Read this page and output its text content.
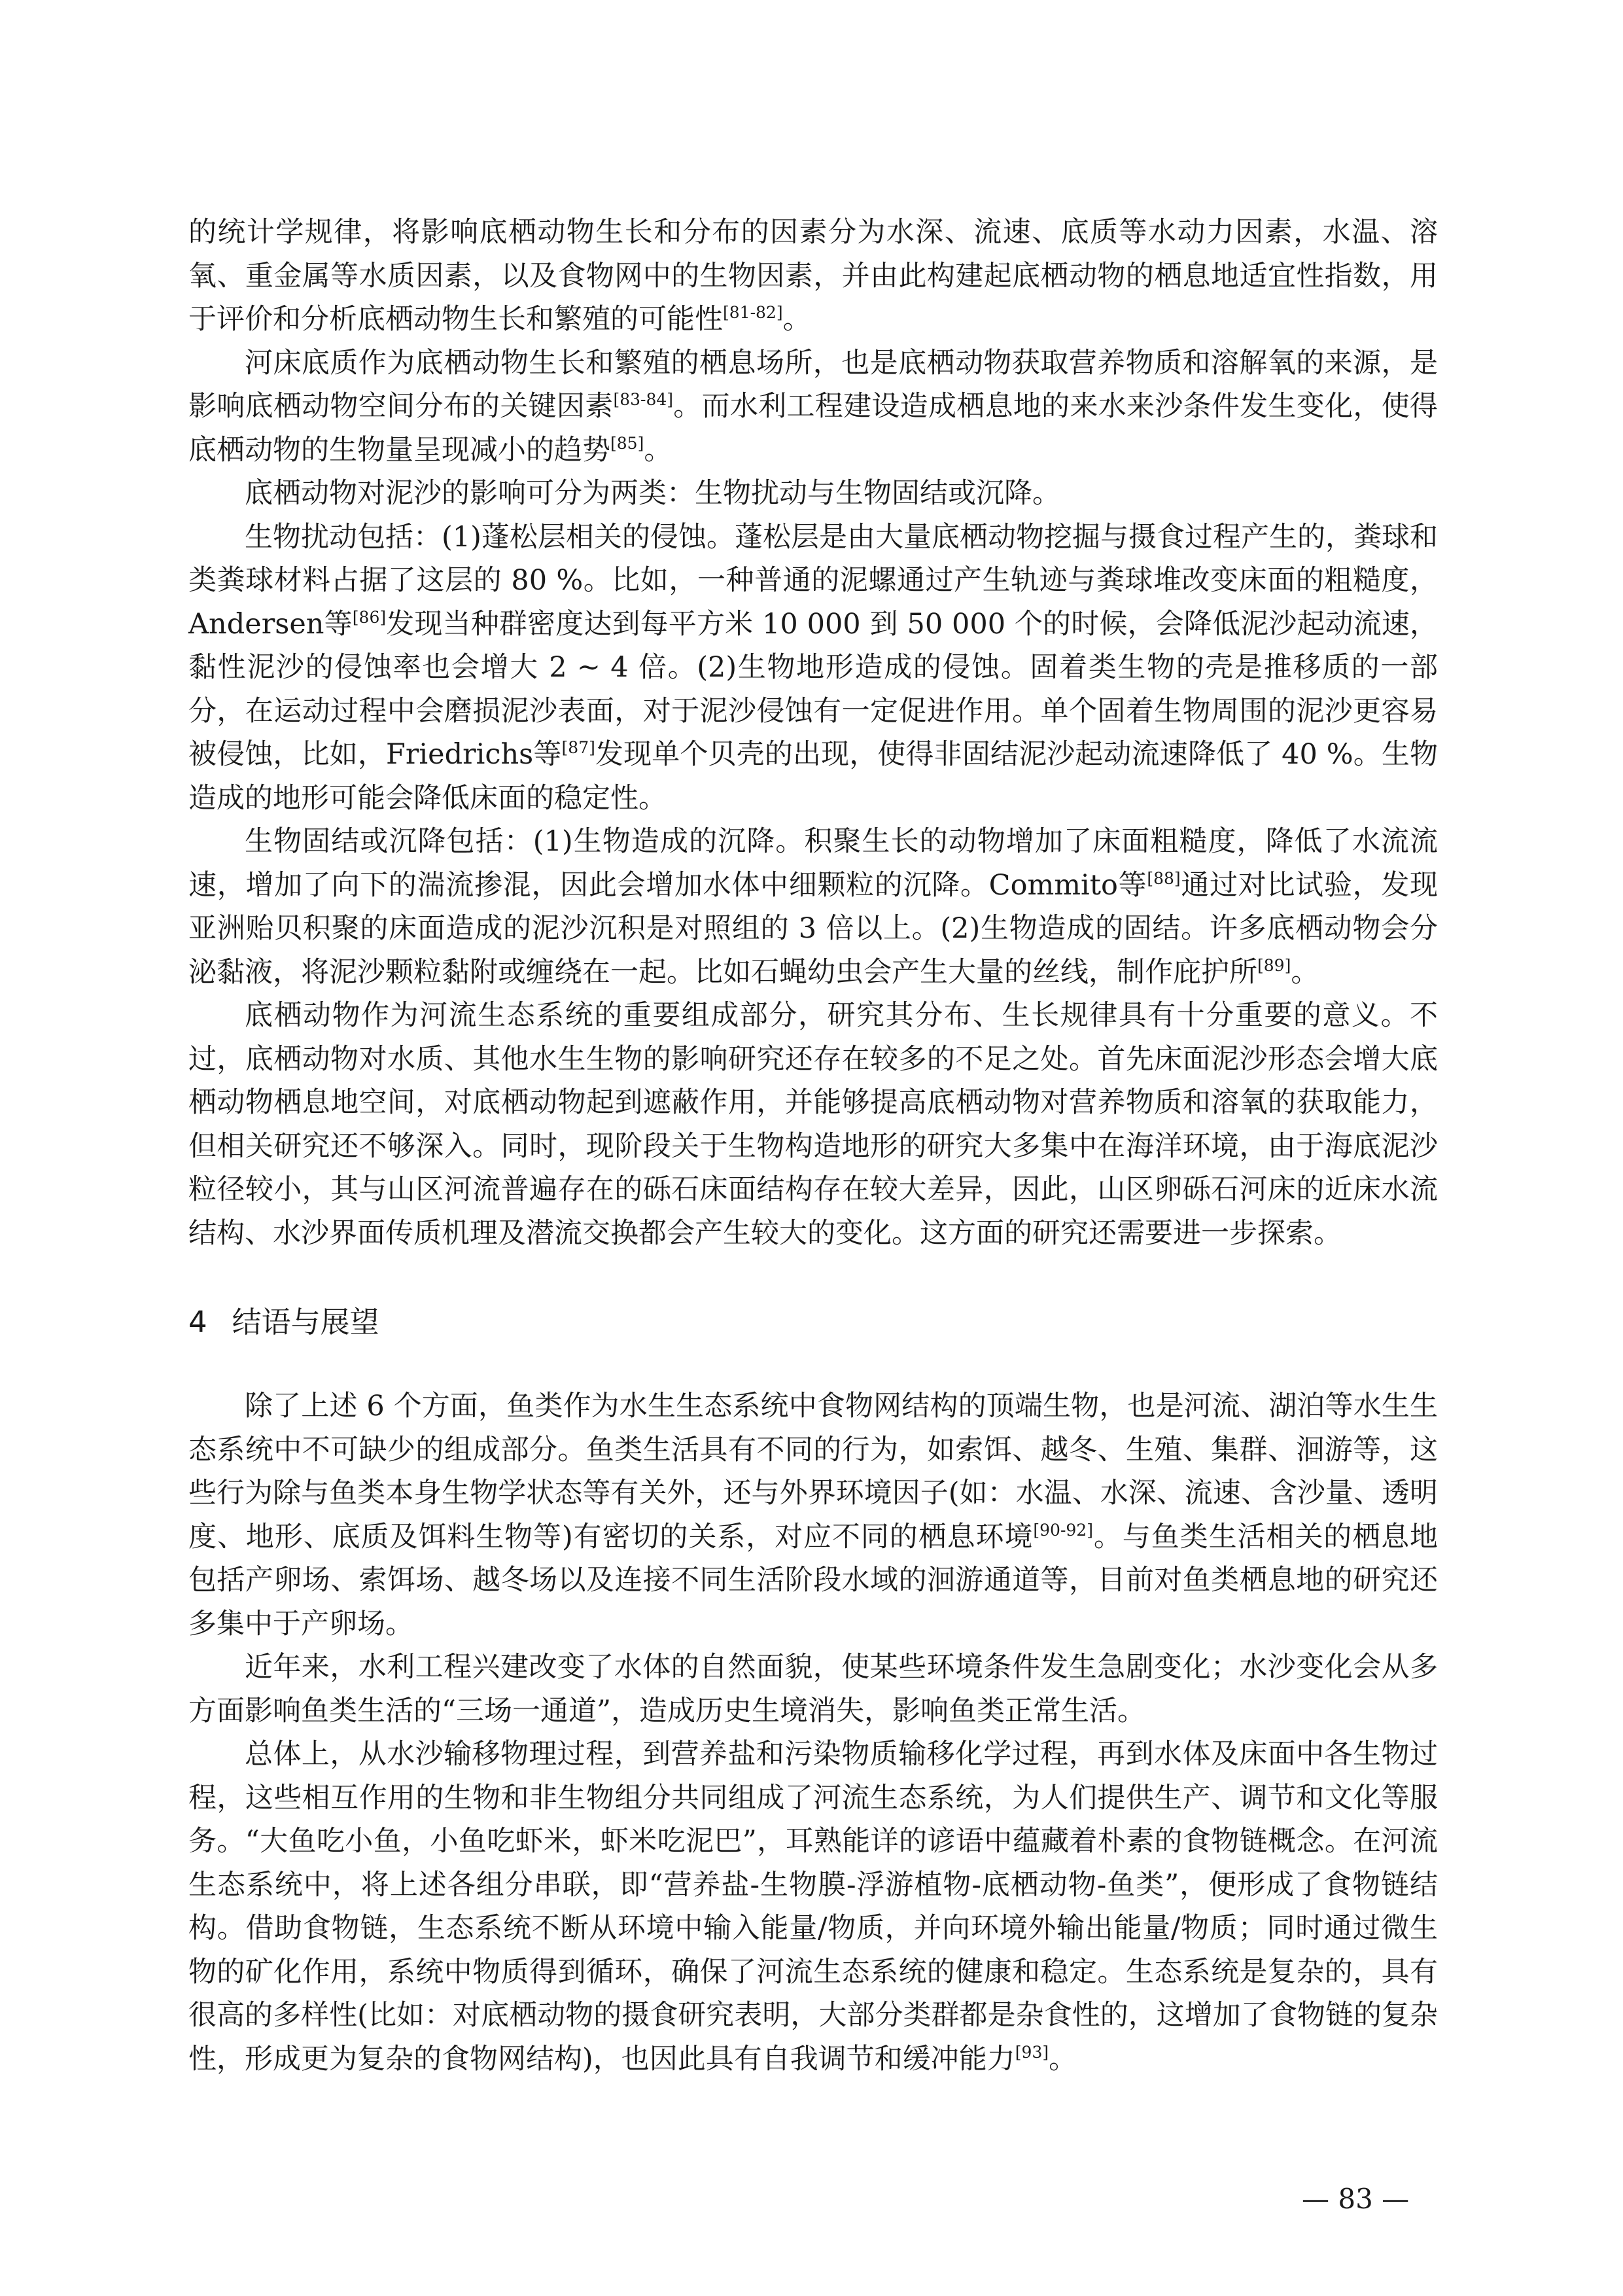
的统计学规律，将影响底栖动物生长和分布的因素分为水深、流速、底质等水动力因素，水温、溶氧、重金属等水质因素，以及食物网中的生物因素，并由此构建起底栖动物的栖息地适宜性指数，用于评价和分析底栖动物生长和繁殖的可能性[81-82]。

河床底质作为底栖动物生长和繁殖的栖息场所，也是底栖动物获取营养物质和溶解氧的来源，是影响底栖动物空间分布的关键因素[83-84]。而水利工程建设造成栖息地的来水来沙条件发生变化，使得底栖动物的生物量呈现减小的趋势[85]。

底栖动物对泥沙的影响可分为两类：生物扰动与生物固结或沉降。

生物扰动包括：(1)蓬松层相关的侵蚀。蓬松层是由大量底栖动物挖掘与摄食过程产生的，粪球和类粪球材料占据了这层的 80 %。比如，一种普通的泥螺通过产生轨迹与粪球堆改变床面的粗糙度，Andersen等[86]发现当种群密度达到每平方米 10 000 到 50 000 个的时候，会降低泥沙起动流速，黏性泥沙的侵蚀率也会增大 2 ~ 4 倍。(2)生物地形造成的侵蚀。固着类生物的壳是推移质的一部分，在运动过程中会磨损泥沙表面，对于泥沙侵蚀有一定促进作用。单个固着生物周围的泥沙更容易被侵蚀，比如，Friedrichs等[87]发现单个贝壳的出现，使得非固结泥沙起动流速降低了 40 %。生物造成的地形可能会降低床面的稳定性。

生物固结或沉降包括：(1)生物造成的沉降。积聚生长的动物增加了床面粗糙度，降低了水流流速，增加了向下的湍流掺混，因此会增加水体中细颗粒的沉降。Commito等[88]通过对比试验，发现亚洲贻贝积聚的床面造成的泥沙沉积是对照组的 3 倍以上。(2)生物造成的固结。许多底栖动物会分泌黏液，将泥沙颗粒黏附或缠绕在一起。比如石蝇幼虫会产生大量的丝线，制作庇护所[89]。

底栖动物作为河流生态系统的重要组成部分，研究其分布、生长规律具有十分重要的意义。不过，底栖动物对水质、其他水生生物的影响研究还存在较多的不足之处。首先床面泥沙形态会增大底栖动物栖息地空间，对底栖动物起到遮蔽作用，并能够提高底栖动物对营养物质和溶氧的获取能力，但相关研究还不够深入。同时，现阶段关于生物构造地形的研究大多集中在海洋环境，由于海底泥沙粒径较小，其与山区河流普遍存在的砾石床面结构存在较大差异，因此，山区卵砾石河床的近床水流结构、水沙界面传质机理及潜流交换都会产生较大的变化。这方面的研究还需要进一步探索。

4 结语与展望

除了上述 6 个方面，鱼类作为水生生态系统中食物网结构的顶端生物，也是河流、湖泊等水生生态系统中不可缺少的组成部分。鱼类生活具有不同的行为，如索饵、越冬、生殖、集群、洄游等，这些行为除与鱼类本身生物学状态等有关外，还与外界环境因子(如：水温、水深、流速、含沙量、透明度、地形、底质及饵料生物等)有密切的关系，对应不同的栖息环境[90-92]。与鱼类生活相关的栖息地包括产卵场、索饵场、越冬场以及连接不同生活阶段水域的洄游通道等，目前对鱼类栖息地的研究还多集中于产卵场。

近年来，水利工程兴建改变了水体的自然面貌，使某些环境条件发生急剧变化；水沙变化会从多方面影响鱼类生活的“三场一通道”，造成历史生境消失，影响鱼类正常生活。

总体上，从水沙输移物理过程，到营养盐和污染物质输移化学过程，再到水体及床面中各生物过程，这些相互作用的生物和非生物组分共同组成了河流生态系统，为人们提供生产、调节和文化等服务。“大鱼吃小鱼，小鱼吃虾米，虾米吃泥巴”，耳熟能详的谚语中蕴藏着朴素的食物链概念。在河流生态系统中，将上述各组分串联，即“营养盐-生物膜-浮游植物-底栖动物-鱼类”，便形成了食物链结构。借助食物链，生态系统不断从环境中输入能量/物质，并向环境外输出能量/物质；同时通过微生物的矿化作用，系统中物质得到循环，确保了河流生态系统的健康和稳定。生态系统是复杂的，具有很高的多样性(比如：对底栖动物的摄食研究表明，大部分类群都是杂食性的，这增加了食物链的复杂性，形成更为复杂的食物网结构)，也因此具有自我调节和缓冲能力[93]。

— 83 —
